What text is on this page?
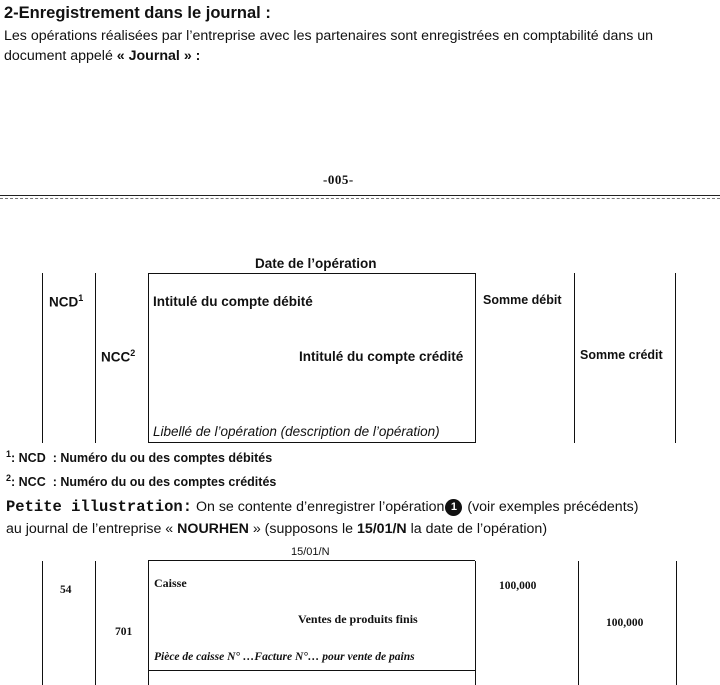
2-Enregistrement dans le journal :
Les opérations réalisées par l’entreprise avec les partenaires sont enregistrées en comptabilité dans un
document appelé « Journal » :
-005-
Date de l’opération
NCD$^1$
NCC$^2$
Intitulé du compte débité
Intitulé du compte crédité
Somme débit
Somme crédit
Libellé de l’opération (description de l’opération)
$^1$: NCD : Numéro du ou des comptes débités
$^2$: NCC : Numéro du ou des comptes crédités
Petite illustration: On se contente d’enregistrer l’opération 1 (voir exemples précédents)
au journal de l’entreprise « NOURHEN » (supposons le 15/01/N la date de l’opération)
15/01/N
54
701
Caisse
Ventes de produits finis
100,000
100,000
Pièce de caisse N° …Facture N°… pour vente de pains
